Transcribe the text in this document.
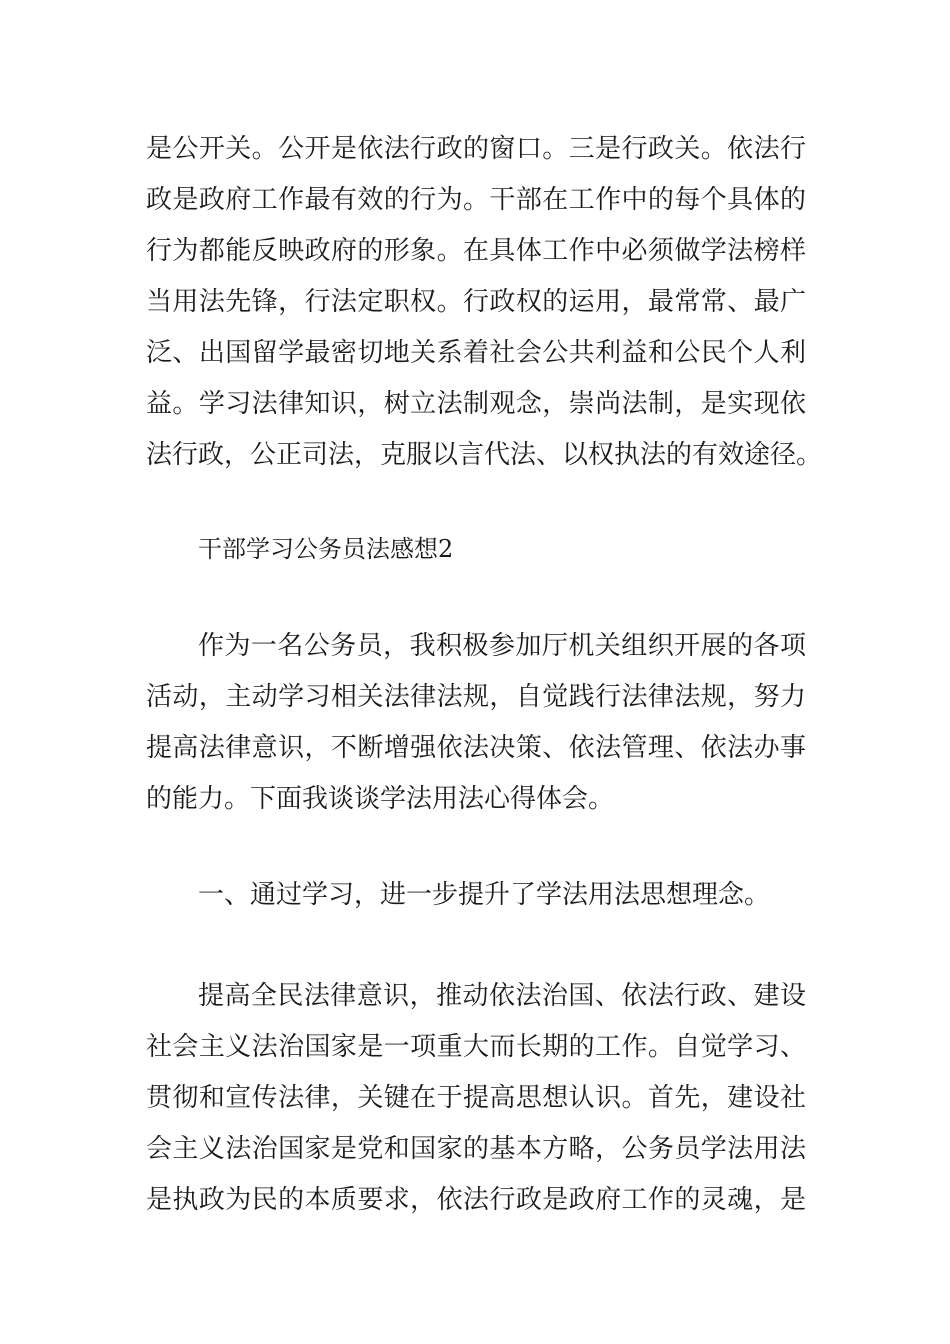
是公开关。公开是依法行政的窗口。三是行政关。依法行
政是政府工作最有效的行为。干部在工作中的每个具体的
行为都能反映政府的形象。在具体工作中必须做学法榜样
当用法先锋，行法定职权。行政权的运用，最常常、最广
泛、出国留学最密切地关系着社会公共利益和公民个人利
益。学习法律知识，树立法制观念，崇尚法制，是实现依
法行政，公正司法，克服以言代法、以权执法的有效途径。
干部学习公务员法感想2
作为一名公务员，我积极参加厅机关组织开展的各项
活动，主动学习相关法律法规，自觉践行法律法规，努力
提高法律意识，不断增强依法决策、依法管理、依法办事
的能力。下面我谈谈学法用法心得体会。
一、通过学习，进一步提升了学法用法思想理念。
提高全民法律意识，推动依法治国、依法行政、建设
社会主义法治国家是一项重大而长期的工作。自觉学习、
贯彻和宣传法律，关键在于提高思想认识。首先，建设社
会主义法治国家是党和国家的基本方略，公务员学法用法
是执政为民的本质要求，依法行政是政府工作的灵魂，是
